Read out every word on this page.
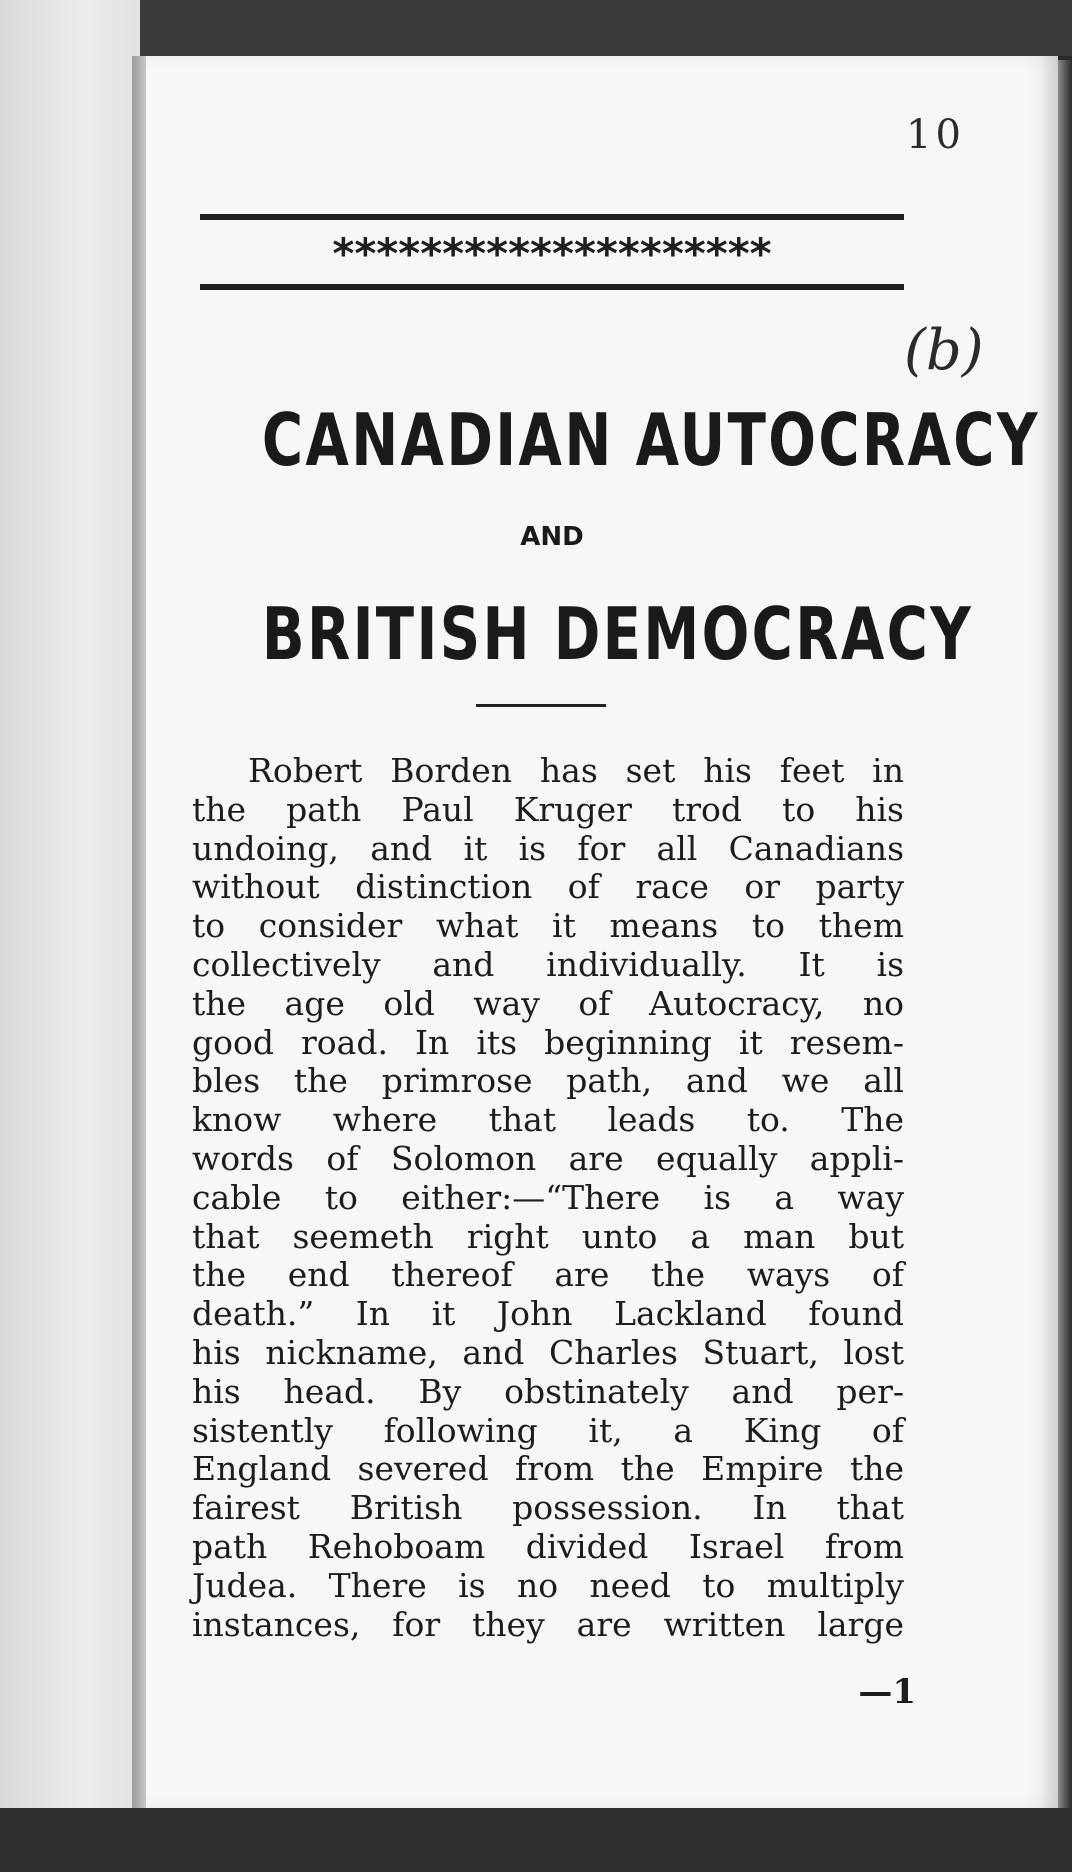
10
(b)
********************
CANADIAN AUTOCRACY
AND
BRITISH DEMOCRACY
Robert Borden has set his feet in
the path Paul Kruger trod to his
undoing, and it is for all Canadians
without distinction of race or party
to consider what it means to them
collectively and individually. It is
the age old way of Autocracy, no
good road. In its beginning it resem-
bles the primrose path, and we all
know where that leads to. The
words of Solomon are equally appli-
cable to either:—“There is a way
that seemeth right unto a man but
the end thereof are the ways of
death.” In it John Lackland found
his nickname, and Charles Stuart, lost
his head. By obstinately and per-
sistently following it, a King of
England severed from the Empire the
fairest British possession. In that
path Rehoboam divided Israel from
Judea. There is no need to multiply
instances, for they are written large
—1
